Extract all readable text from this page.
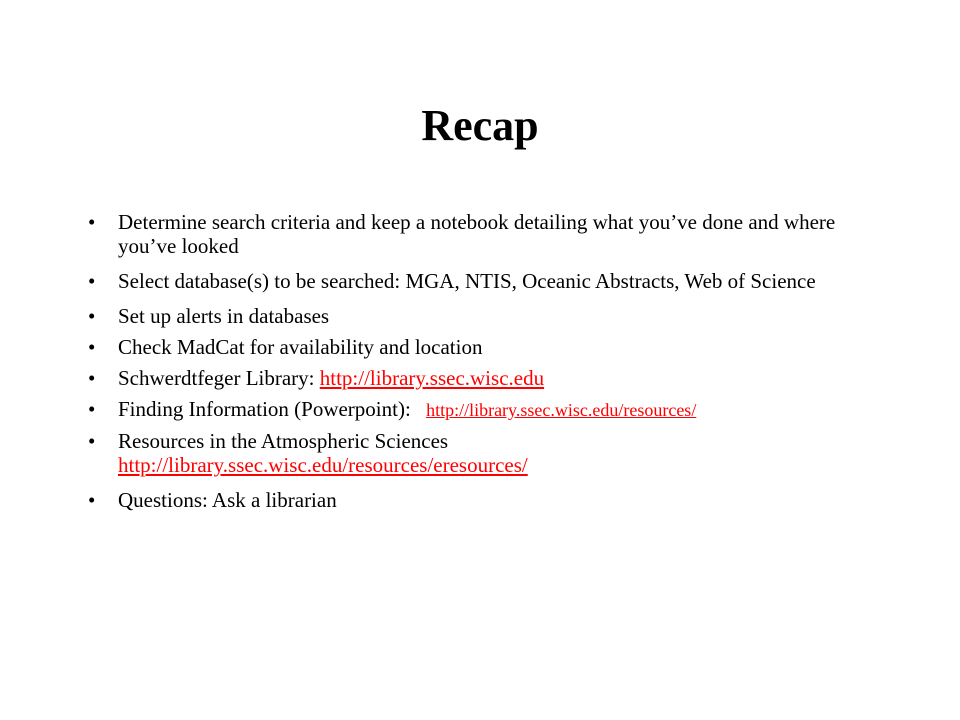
Recap
• Determine search criteria and keep a notebook detailing what you’ve done and where you’ve looked
• Select database(s) to be searched: MGA, NTIS, Oceanic Abstracts, Web of Science
• Set up alerts in databases
• Check MadCat for availability and location
• Schwerdtfeger Library: http://library.ssec.wisc.edu
• Finding Information (Powerpoint): http://library.ssec.wisc.edu/resources/
• Resources in the Atmospheric Sciences
http://library.ssec.wisc.edu/resources/eresources/
• Questions: Ask a librarian
